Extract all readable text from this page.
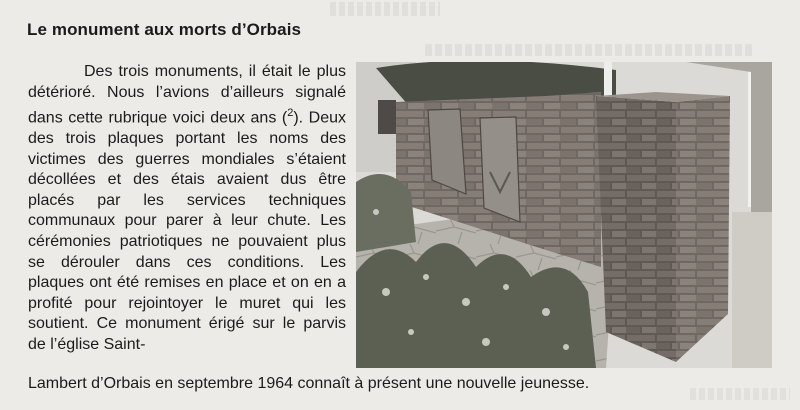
Le monument aux morts d’Orbais

Des trois monuments, il était le plus détérioré. Nous l’avions d’ailleurs signalé dans cette rubrique voici deux ans ($^2$). Deux des trois plaques portant les noms des victimes des guerres mondiales s’étaient décollées et des étais avaient dus être placés par les services techniques communaux pour parer à leur chute. Les cérémonies patriotiques ne pouvaient plus se dérouler dans ces conditions. Les plaques ont été remises en place et on en a profité pour rejointoyer le muret qui les soutient. Ce monument érigé sur le parvis de l’église Saint-

Lambert d’Orbais en septembre 1964 connaît à présent une nouvelle jeunesse.
